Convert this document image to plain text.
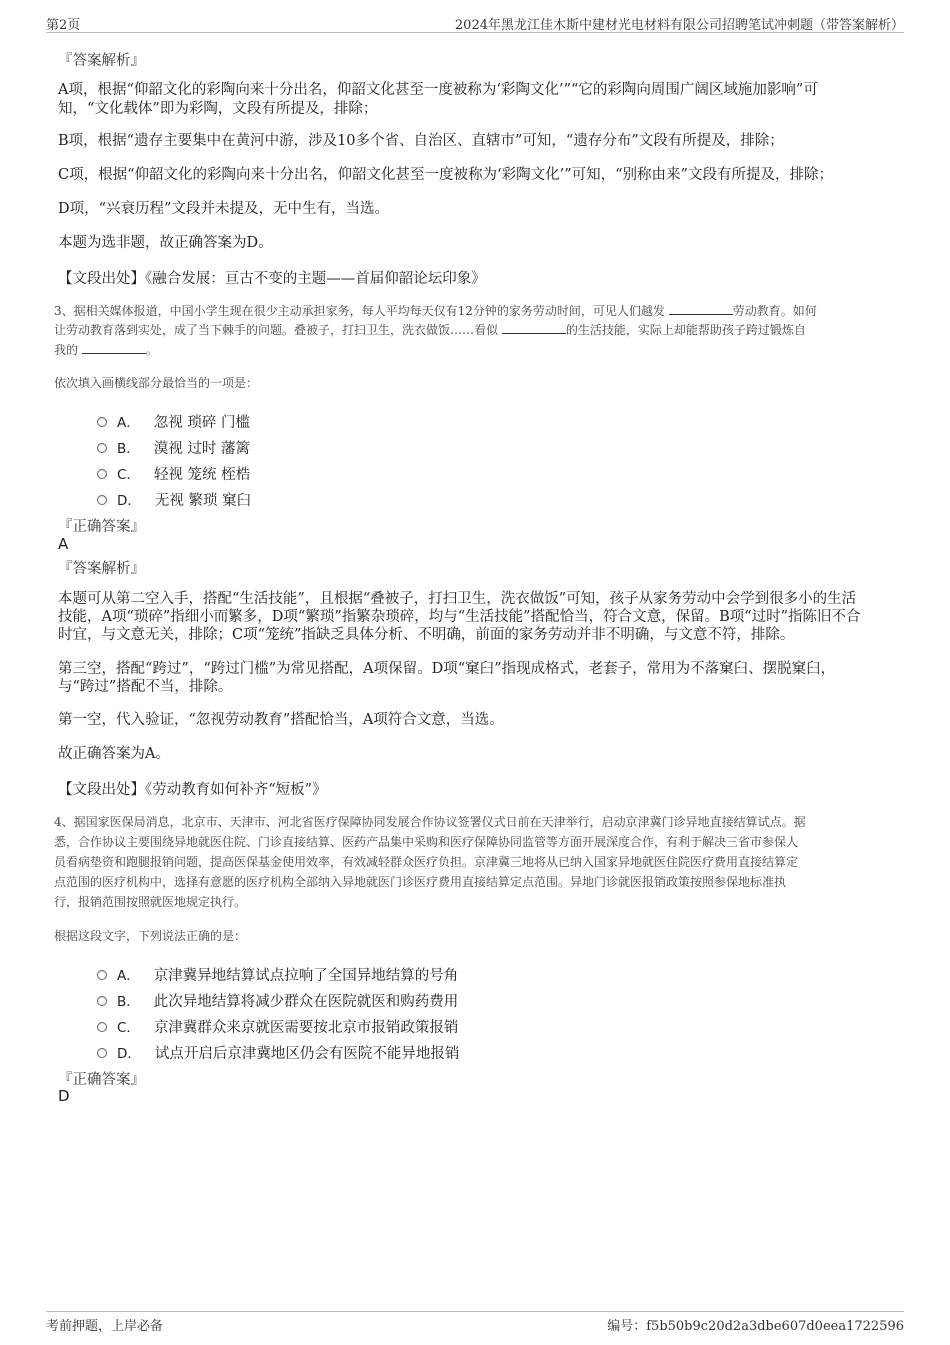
第2页	2024年黑龙江佳木斯中建材光电材料有限公司招聘笔试冲刺题（带答案解析）
『答案解析』
A项，根据“仰韶文化的彩陶向来十分出名，仰韶文化甚至一度被称为‘彩陶文化’”“它的彩陶向周围广阔区域施加影响”可
知，“文化载体”即为彩陶，文段有所提及，排除；
B项，根据“遗存主要集中在黄河中游，涉及10多个省、自治区、直辖市”可知，“遗存分布”文段有所提及，排除；
C项，根据“仰韶文化的彩陶向来十分出名，仰韶文化甚至一度被称为‘彩陶文化’”可知，“别称由来”文段有所提及，排除；
D项，“兴衰历程”文段并未提及，无中生有，当选。
本题为选非题，故正确答案为D。
【文段出处】《融合发展：亘古不变的主题——首届仰韶论坛印象》
3、据相关媒体报道，中国小学生现在很少主动承担家务，每人平均每天仅有12分钟的家务劳动时间，可见人们越发	劳动教育。如何
让劳动教育落到实处，成了当下棘手的问题。叠被子，打扫卫生，洗衣做饭……看似	的生活技能，实际上却能帮助孩子跨过锻炼自
我的	。
依次填入画横线部分最恰当的一项是：
A． 忽视 琐碎 门槛
B． 漠视 过时 藩篱
C． 轻视 笼统 桎梏
D． 无视 繁琐 窠臼
『正确答案』
A
『答案解析』
本题可从第二空入手，搭配“生活技能”，且根据“叠被子，打扫卫生，洗衣做饭”可知，孩子从家务劳动中会学到很多小的生活
技能，A项“琐碎”指细小而繁多，D项“繁琐”指繁杂琐碎，均与“生活技能”搭配恰当，符合文意，保留。B项“过时”指陈旧不合
时宜，与文意无关，排除；C项“笼统”指缺乏具体分析、不明确，前面的家务劳动并非不明确，与文意不符，排除。
第三空，搭配“跨过”，“跨过门槛”为常见搭配，A项保留。D项“窠臼”指现成格式，老套子，常用为不落窠臼、摆脱窠臼，
与“跨过”搭配不当，排除。
第一空，代入验证，“忽视劳动教育”搭配恰当，A项符合文意，当选。
故正确答案为A。
【文段出处】《劳动教育如何补齐“短板”》
4、据国家医保局消息，北京市、天津市、河北省医疗保障协同发展合作协议签署仪式日前在天津举行，启动京津冀门诊异地直接结算试点。据
悉，合作协议主要围绕异地就医住院、门诊直接结算、医药产品集中采购和医疗保障协同监管等方面开展深度合作，有利于解决三省市参保人
员看病垫资和跑腿报销问题，提高医保基金使用效率，有效减轻群众医疗负担。京津冀三地将从已纳入国家异地就医住院医疗费用直接结算定
点范围的医疗机构中，选择有意愿的医疗机构全部纳入异地就医门诊医疗费用直接结算定点范围。异地门诊就医报销政策按照参保地标准执
行，报销范围按照就医地规定执行。
根据这段文字，下列说法正确的是：
A． 京津冀异地结算试点拉响了全国异地结算的号角
B． 此次异地结算将减少群众在医院就医和购药费用
C． 京津冀群众来京就医需要按北京市报销政策报销
D． 试点开启后京津冀地区仍会有医院不能异地报销
『正确答案』
D
考前押题，上岸必备	编号：f5b50b9c20d2a3dbe607d0eea1722596
